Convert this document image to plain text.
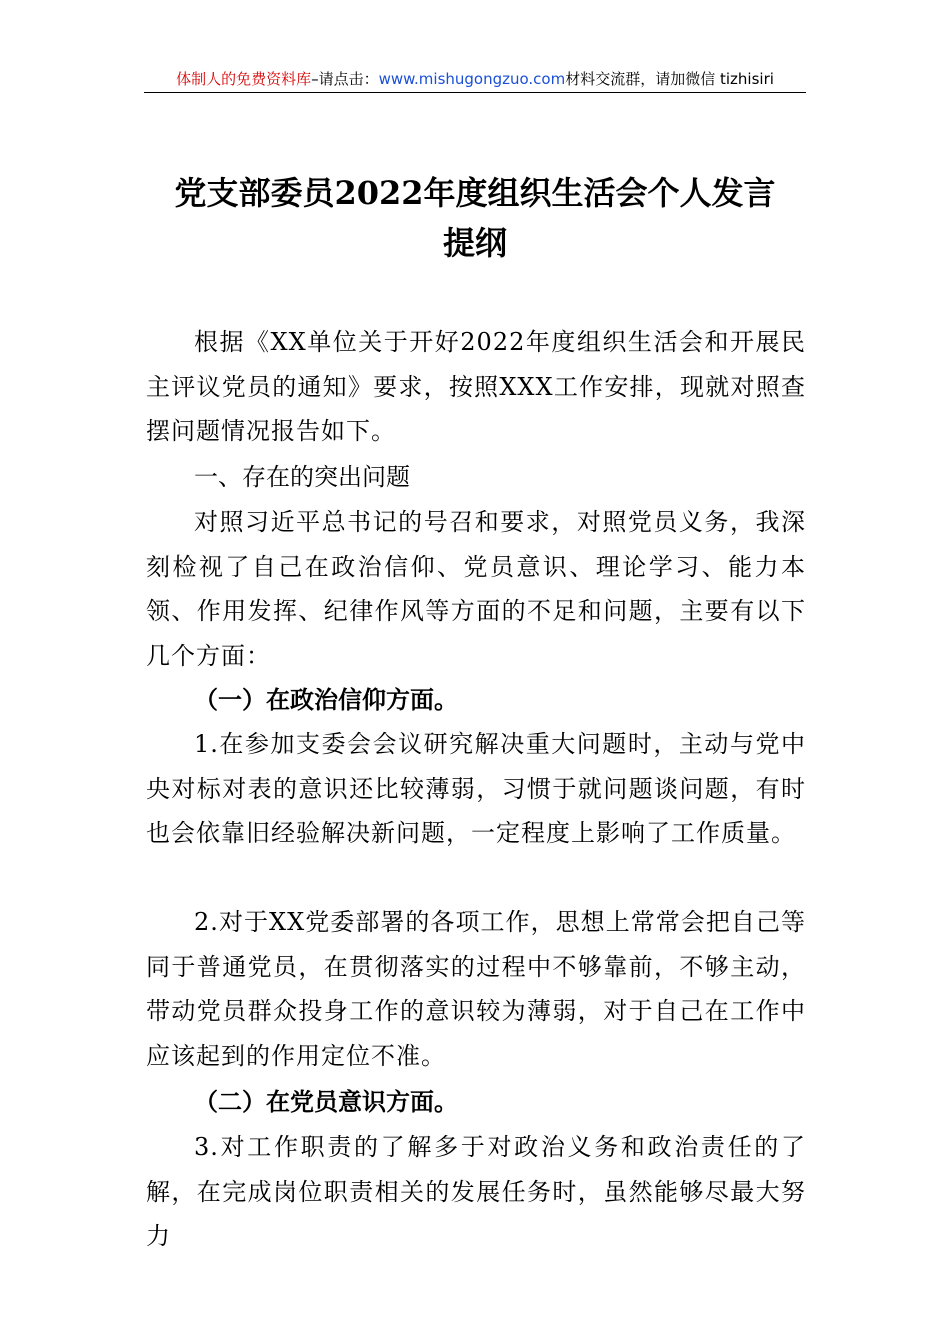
体制人的免费资料库–请点击：www.mishugongzuo.com材料交流群，请加微信 tizhisiri
党支部委员2022年度组织生活会个人发言
提纲
根据《XX单位关于开好2022年度组织生活会和开展民主评议党员的通知》要求，按照XXX工作安排，现就对照查摆问题情况报告如下。
一、存在的突出问题
对照习近平总书记的号召和要求，对照党员义务，我深刻检视了自己在政治信仰、党员意识、理论学习、能力本领、作用发挥、纪律作风等方面的不足和问题，主要有以下几个方面：
（一）在政治信仰方面。
1.在参加支委会会议研究解决重大问题时，主动与党中央对标对表的意识还比较薄弱，习惯于就问题谈问题，有时也会依靠旧经验解决新问题，一定程度上影响了工作质量。
2.对于XX党委部署的各项工作，思想上常常会把自己等同于普通党员，在贯彻落实的过程中不够靠前，不够主动，带动党员群众投身工作的意识较为薄弱，对于自己在工作中应该起到的作用定位不准。
（二）在党员意识方面。
3.对工作职责的了解多于对政治义务和政治责任的了解，在完成岗位职责相关的发展任务时，虽然能够尽最大努力
